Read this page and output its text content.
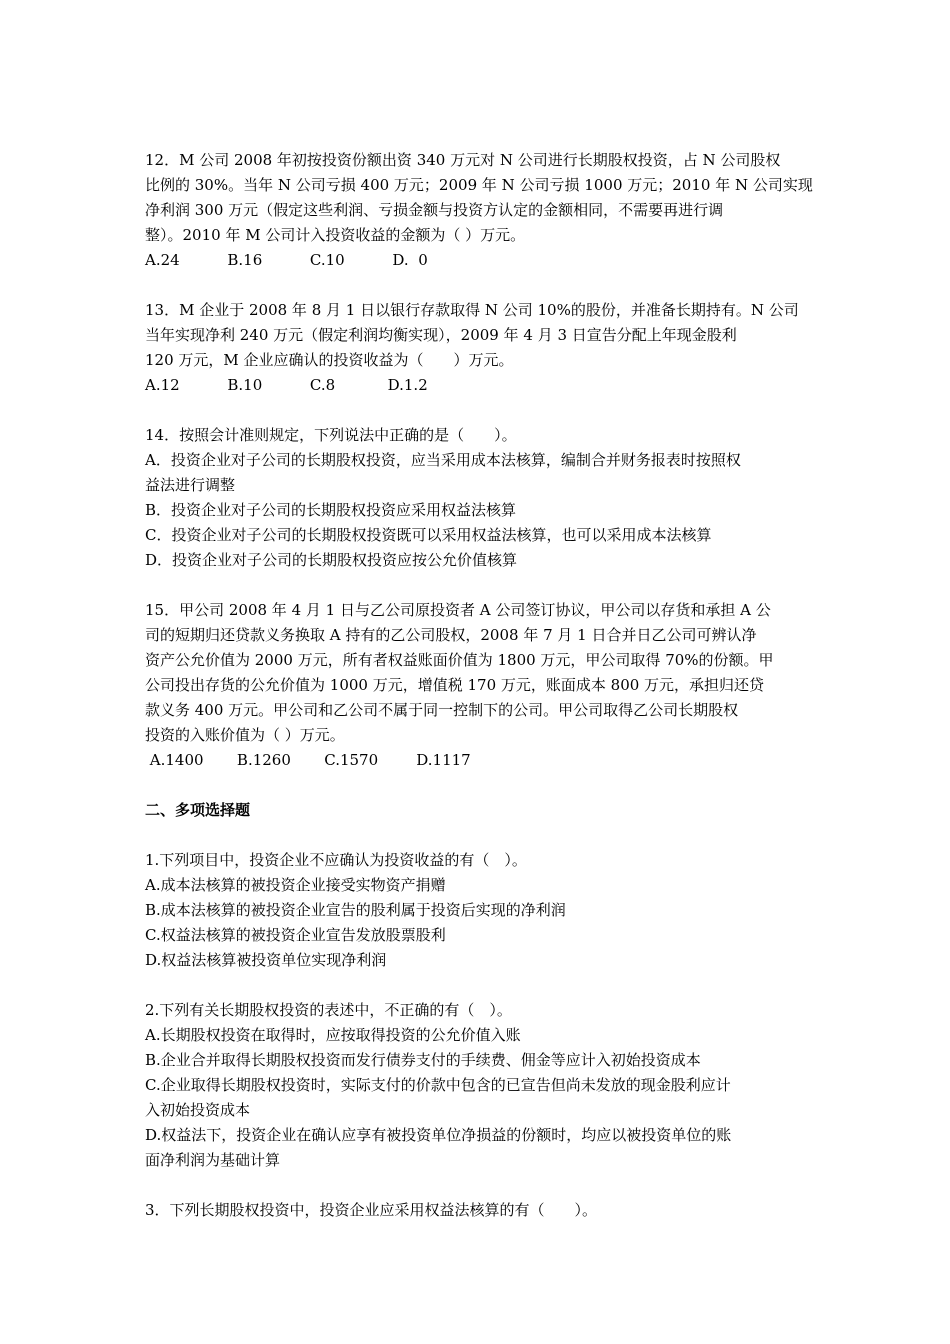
12．M 公司 2008 年初按投资份额出资 340 万元对 N 公司进行长期股权投资，占 N 公司股权
比例的 30%。当年 N 公司亏损 400 万元；2009 年 N 公司亏损 1000 万元；2010 年 N 公司实现
净利润 300 万元（假定这些利润、亏损金额与投资方认定的金额相同，不需要再进行调
整）。2010 年 M 公司计入投资收益的金额为（ ）万元。
A.24          B.16          C.10          D.  0
13．M 企业于 2008 年 8 月 1 日以银行存款取得 N 公司 10%的股份，并准备长期持有。N 公司
当年实现净利 240 万元（假定利润均衡实现），2009 年 4 月 3 日宣告分配上年现金股利
120 万元，M 企业应确认的投资收益为（　　）万元。
A.12          B.10          C.8           D.1.2
14．按照会计准则规定，下列说法中正确的是（　　）。
A．投资企业对子公司的长期股权投资，应当采用成本法核算，编制合并财务报表时按照权
益法进行调整
B．投资企业对子公司的长期股权投资应采用权益法核算
C．投资企业对子公司的长期股权投资既可以采用权益法核算，也可以采用成本法核算
D．投资企业对子公司的长期股权投资应按公允价值核算
15．甲公司 2008 年 4 月 1 日与乙公司原投资者 A 公司签订协议，甲公司以存货和承担 A 公
司的短期归还贷款义务换取 A 持有的乙公司股权，2008 年 7 月 1 日合并日乙公司可辨认净
资产公允价值为 2000 万元，所有者权益账面价值为 1800 万元，甲公司取得 70%的份额。甲
公司投出存货的公允价值为 1000 万元，增值税 170 万元，账面成本 800 万元，承担归还贷
款义务 400 万元。甲公司和乙公司不属于同一控制下的公司。甲公司取得乙公司长期股权
投资的入账价值为（ ）万元。
A.1400       B.1260       C.1570        D.1117
二、多项选择题
1.下列项目中，投资企业不应确认为投资收益的有（　）。
A.成本法核算的被投资企业接受实物资产捐赠
B.成本法核算的被投资企业宣告的股利属于投资后实现的净利润
C.权益法核算的被投资企业宣告发放股票股利
D.权益法核算被投资单位实现净利润
2.下列有关长期股权投资的表述中，不正确的有（　）。
A.长期股权投资在取得时，应按取得投资的公允价值入账
B.企业合并取得长期股权投资而发行债券支付的手续费、佣金等应计入初始投资成本
C.企业取得长期股权投资时，实际支付的价款中包含的已宣告但尚未发放的现金股利应计
入初始投资成本
D.权益法下，投资企业在确认应享有被投资单位净损益的份额时，均应以被投资单位的账
面净利润为基础计算
3．下列长期股权投资中，投资企业应采用权益法核算的有（　　）。
